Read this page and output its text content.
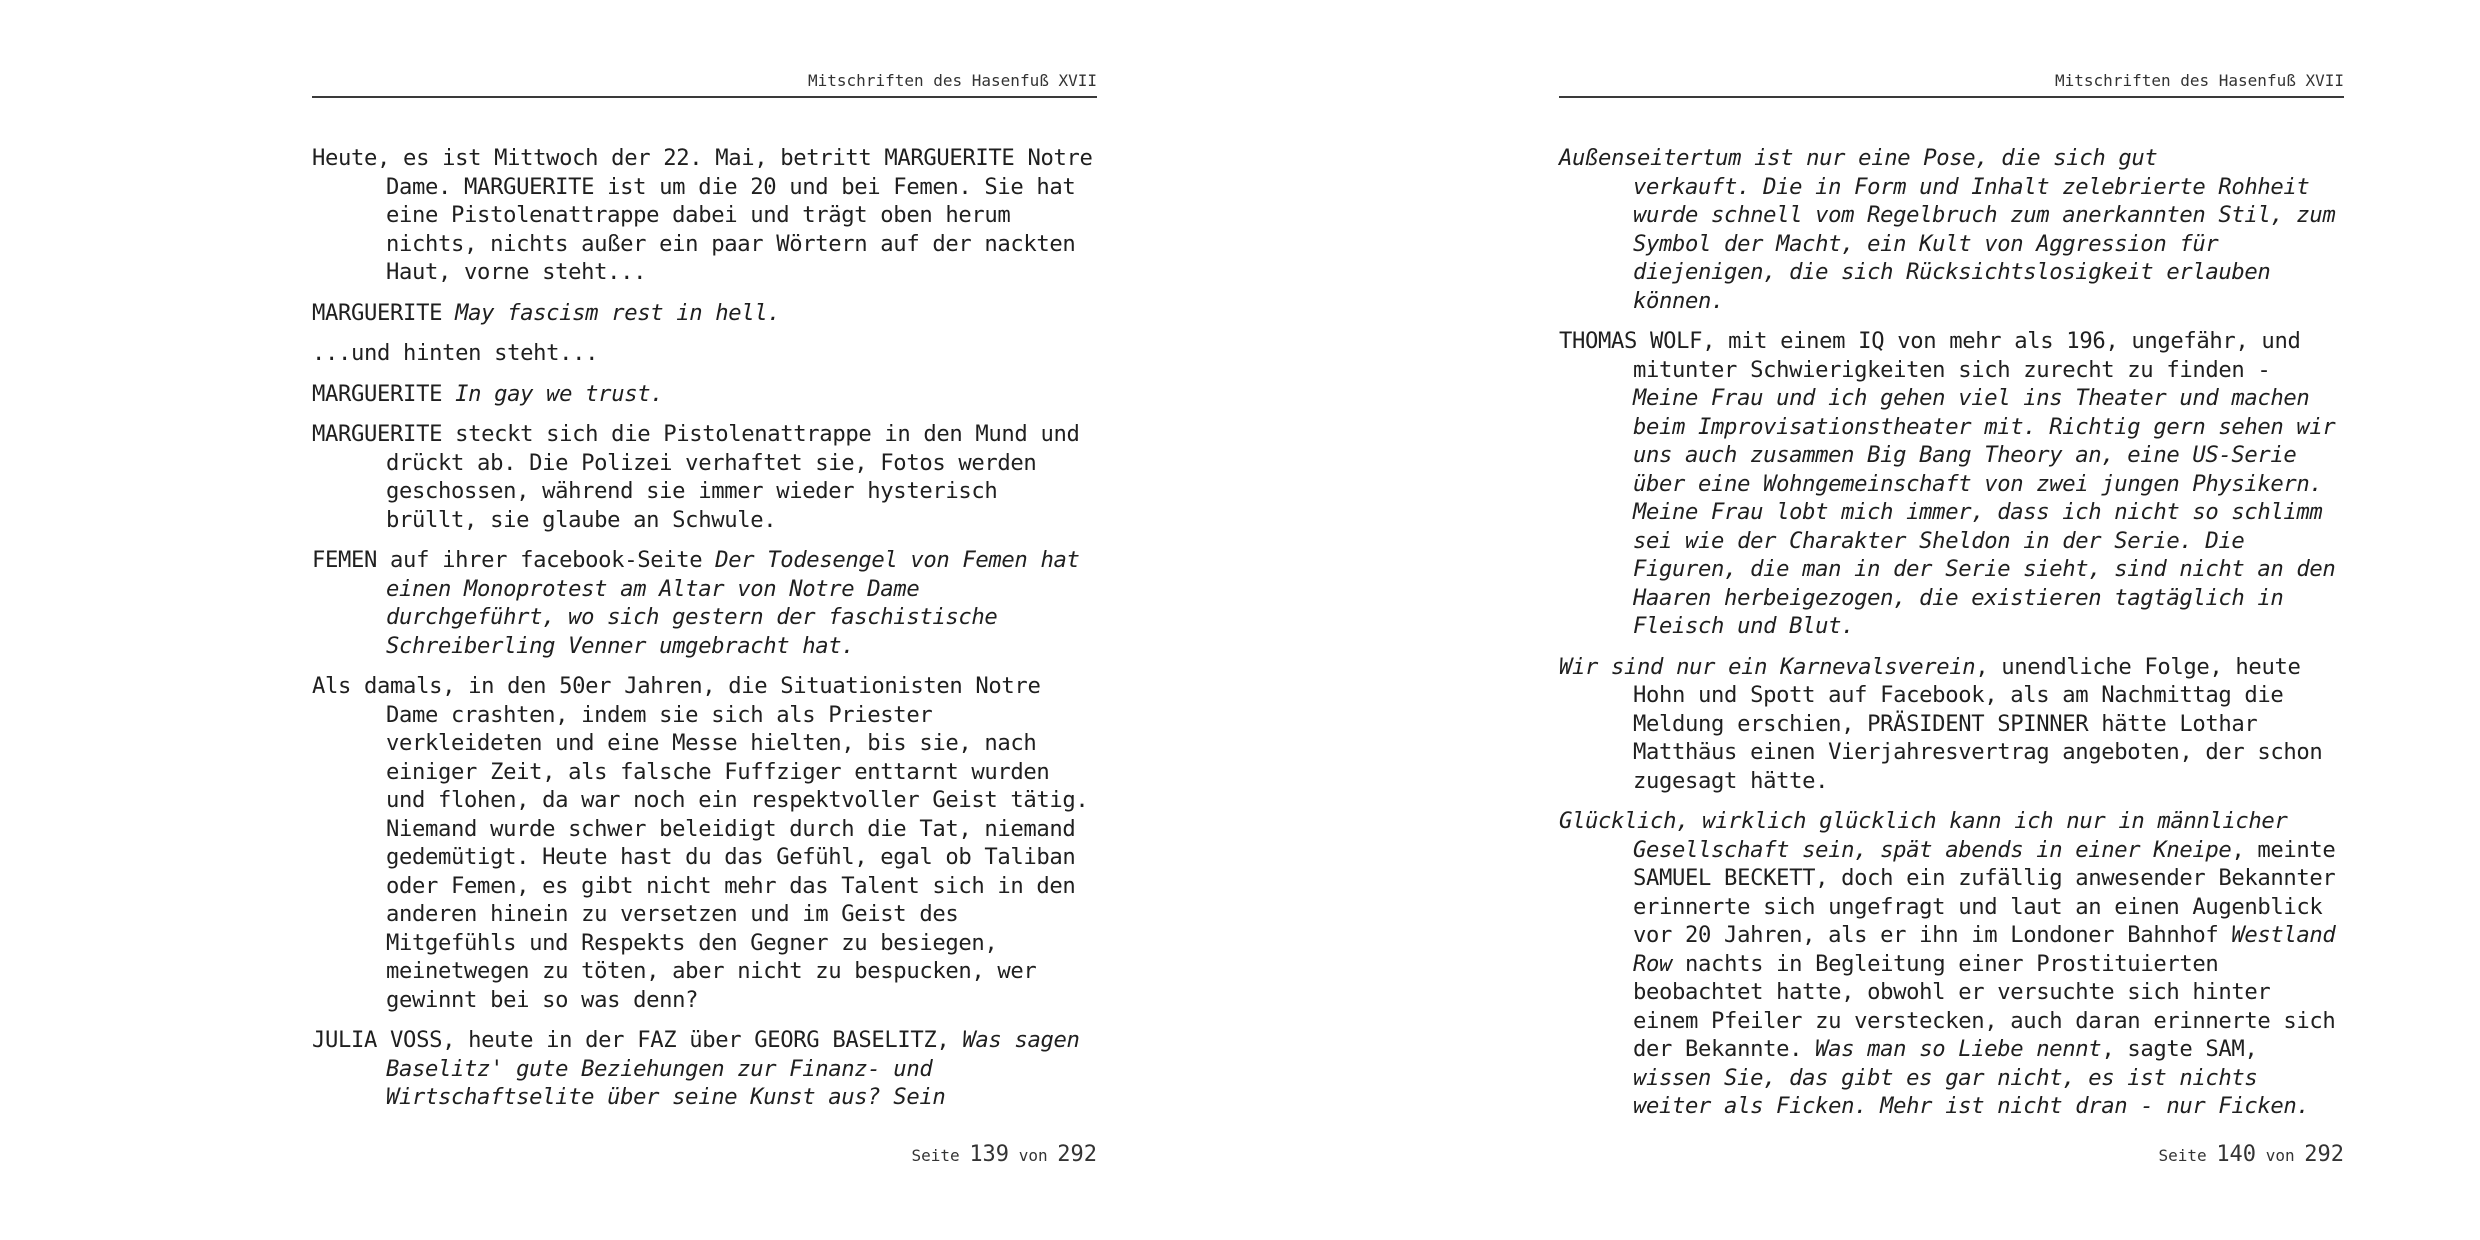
Mitschriften des Hasenfuß XVII

Heute, es ist Mittwoch der 22. Mai, betritt MARGUERITE Notre
Dame. MARGUERITE ist um die 20 und bei Femen. Sie hat
eine Pistolenattrappe dabei und trägt oben herum
nichts, nichts außer ein paar Wörtern auf der nackten
Haut, vorne steht...

MARGUERITE May fascism rest in hell.

...und hinten steht...

MARGUERITE In gay we trust.

MARGUERITE steckt sich die Pistolenattrappe in den Mund und
drückt ab. Die Polizei verhaftet sie, Fotos werden
geschossen, während sie immer wieder hysterisch
brüllt, sie glaube an Schwule.

FEMEN auf ihrer facebook-Seite Der Todesengel von Femen hat
einen Monoprotest am Altar von Notre Dame
durchgeführt, wo sich gestern der faschistische
Schreiberling Venner umgebracht hat.

Als damals, in den 50er Jahren, die Situationisten Notre
Dame crashten, indem sie sich als Priester
verkleideten und eine Messe hielten, bis sie, nach
einiger Zeit, als falsche Fuffziger enttarnt wurden
und flohen, da war noch ein respektvoller Geist tätig.
Niemand wurde schwer beleidigt durch die Tat, niemand
gedemütigt. Heute hast du das Gefühl, egal ob Taliban
oder Femen, es gibt nicht mehr das Talent sich in den
anderen hinein zu versetzen und im Geist des
Mitgefühls und Respekts den Gegner zu besiegen,
meinetwegen zu töten, aber nicht zu bespucken, wer
gewinnt bei so was denn?

JULIA VOSS, heute in der FAZ über GEORG BASELITZ, Was sagen
Baselitz' gute Beziehungen zur Finanz- und
Wirtschaftselite über seine Kunst aus? Sein

Seite 139 von 292
Mitschriften des Hasenfuß XVII

Außenseitertum ist nur eine Pose, die sich gut
verkauft. Die in Form und Inhalt zelebrierte Rohheit
wurde schnell vom Regelbruch zum anerkannten Stil, zum
Symbol der Macht, ein Kult von Aggression für
diejenigen, die sich Rücksichtslosigkeit erlauben
können.

THOMAS WOLF, mit einem IQ von mehr als 196, ungefähr, und
mitunter Schwierigkeiten sich zurecht zu finden -
Meine Frau und ich gehen viel ins Theater und machen
beim Improvisationstheater mit. Richtig gern sehen wir
uns auch zusammen Big Bang Theory an, eine US-Serie
über eine Wohngemeinschaft von zwei jungen Physikern.
Meine Frau lobt mich immer, dass ich nicht so schlimm
sei wie der Charakter Sheldon in der Serie. Die
Figuren, die man in der Serie sieht, sind nicht an den
Haaren herbeigezogen, die existieren tagtäglich in
Fleisch und Blut.

Wir sind nur ein Karnevalsverein, unendliche Folge, heute
Hohn und Spott auf Facebook, als am Nachmittag die
Meldung erschien, PRÄSIDENT SPINNER hätte Lothar
Matthäus einen Vierjahresvertrag angeboten, der schon
zugesagt hätte.

Glücklich, wirklich glücklich kann ich nur in männlicher
Gesellschaft sein, spät abends in einer Kneipe, meinte
SAMUEL BECKETT, doch ein zufällig anwesender Bekannter
erinnerte sich ungefragt und laut an einen Augenblick
vor 20 Jahren, als er ihn im Londoner Bahnhof Westland
Row nachts in Begleitung einer Prostituierten
beobachtet hatte, obwohl er versuchte sich hinter
einem Pfeiler zu verstecken, auch daran erinnerte sich
der Bekannte. Was man so Liebe nennt, sagte SAM,
wissen Sie, das gibt es gar nicht, es ist nichts
weiter als Ficken. Mehr ist nicht dran - nur Ficken.

Seite 140 von 292
